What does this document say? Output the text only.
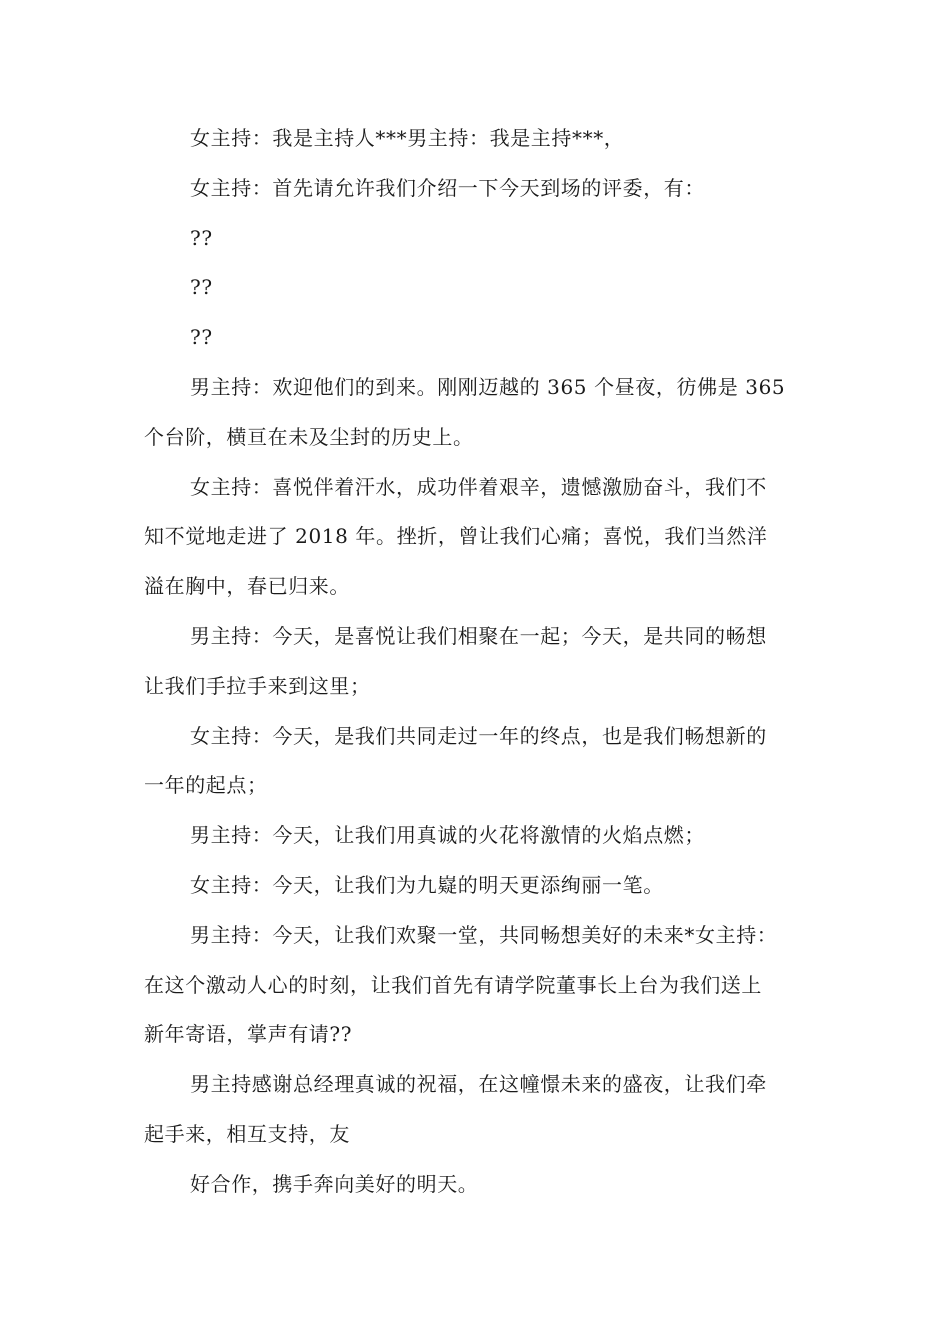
女主持：我是主持人***男主持：我是主持***，
女主持：首先请允许我们介绍一下今天到场的评委，有：
??
??
??
男主持：欢迎他们的到来。刚刚迈越的 365 个昼夜，彷佛是 365
个台阶，横亘在未及尘封的历史上。
女主持：喜悦伴着汗水，成功伴着艰辛，遗憾激励奋斗，我们不
知不觉地走进了 2018 年。挫折，曾让我们心痛；喜悦，我们当然洋
溢在胸中，春已归来。
男主持：今天，是喜悦让我们相聚在一起；今天，是共同的畅想
让我们手拉手来到这里；
女主持：今天，是我们共同走过一年的终点，也是我们畅想新的
一年的起点；
男主持：今天，让我们用真诚的火花将激情的火焰点燃；
女主持：今天，让我们为九嶷的明天更添绚丽一笔。
男主持：今天，让我们欢聚一堂，共同畅想美好的未来*女主持：
在这个激动人心的时刻，让我们首先有请学院董事长上台为我们送上
新年寄语，掌声有请??
男主持感谢总经理真诚的祝福，在这幢憬未来的盛夜，让我们牵
起手来，相互支持，友
好合作，携手奔向美好的明天。
